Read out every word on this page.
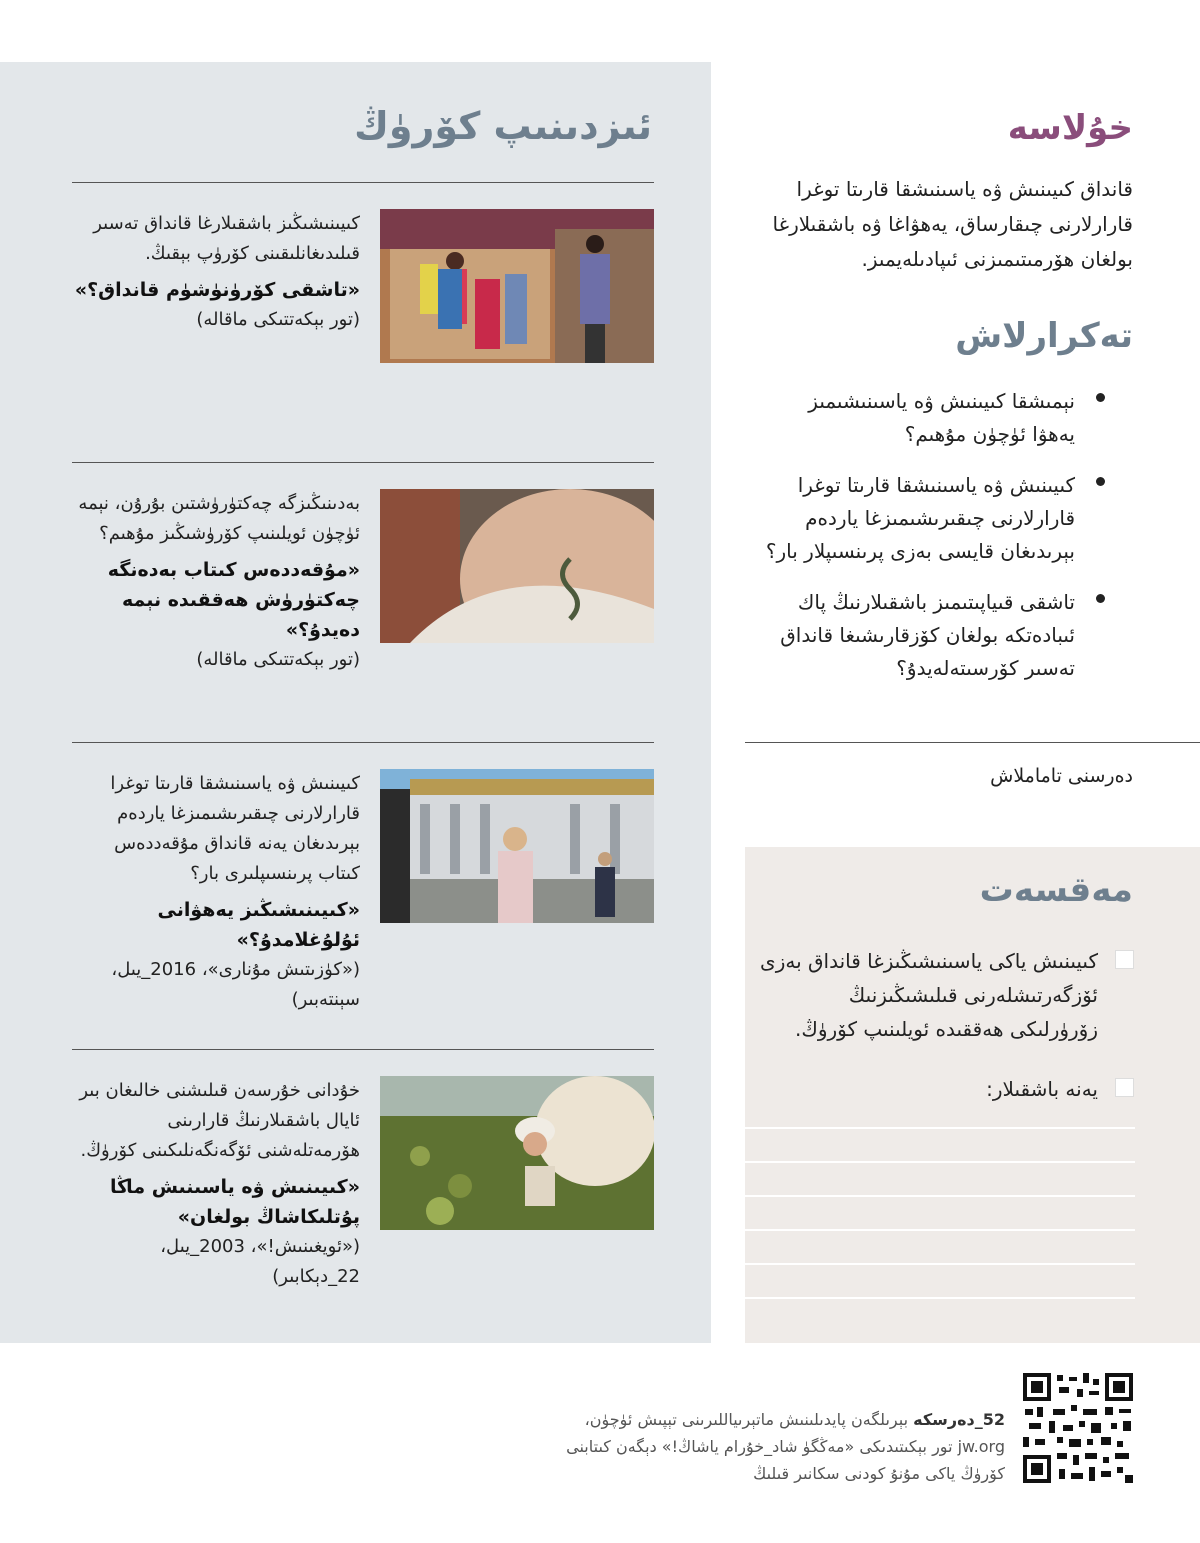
ئىزدىنىپ كۆرۈڭ

كىيىنىشىڭىز باشقىلارغا قانداق تەسىر قىلىدىغانلىقىنى كۆرۈپ بېقىڭ.

«تاشقى كۆرۈنۈشۈم قانداق؟»

(تور بېكەتتىكى ماقالە)

بەدىنىڭىزگە چەكتۈرۈشتىن بۇرۇن، نېمە ئۈچۈن ئويلىنىپ كۆرۈشىڭىز مۇھىم؟

«مۇقەددەس كىتاب بەدەنگە چەكتۈرۈش ھەققىدە نېمە دەيدۇ؟»

(تور بېكەتتىكى ماقالە)

كىيىنىش ۋە ياسىنىشقا قارىتا توغرا قارارلارنى چىقىرىشىمىزغا ياردەم بېرىدىغان يەنە قانداق مۇقەددەس كىتاب پرىنسىپلىرى بار؟

«كىيىنىشىڭىز يەھۋانى ئۇلۇغلامدۇ؟»

(«كۈزىتىش مۇنارى»، 2016_يىل، سېنتەبىر)

خۇدانى خۇرسەن قىلىشنى خالىغان بىر ئايال باشقىلارنىڭ قارارىنى ھۆرمەتلەشنى ئۆگەنگەنلىكىنى كۆرۈڭ.

«كىيىنىش ۋە ياسىنىش ماڭا پۇتلىكاشاڭ بولغان»

(«ئويغىنىش!»، 2003_يىل، 22_دېكابىر)

خۇلاسە

قانداق كىيىنىش ۋە ياسىنىشقا قارىتا توغرا قارارلارنى چىقارساق، يەھۋاغا ۋە باشقىلارغا بولغان ھۆرمىتىمىزنى ئىپادىلەيمىز.

تەكرارلاش
نېمىشقا كىيىنىش ۋە ياسىنىشىمىز يەھۋا ئۈچۈن مۇھىم؟
كىيىنىش ۋە ياسىنىشقا قارىتا توغرا قارارلارنى چىقىرىشىمىزغا ياردەم بېرىدىغان قايسى بەزى پرىنسىپلار بار؟
تاشقى قىياپىتىمىز باشقىلارنىڭ پاك ئىبادەتكە بولغان كۆزقارىشىغا قانداق تەسىر كۆرسىتەلەيدۇ؟

دەرسنى تاماملاش

مەقسەت

كىيىنىش ياكى ياسىنىشىڭىزغا قانداق بەزى ئۆزگەرتىشلەرنى قىلىشىڭىزنىڭ زۆرۈرلىكى ھەققىدە ئويلىنىپ كۆرۈڭ.

يەنە باشقىلار:

52_دەرسكە بېرىلگەن پايدىلىنىش ماتېرىياللىرىنى تېپىش ئۈچۈن، jw.org تور بېكىتىدىكى «مەڭگۈ شاد_خۇرام ياشاڭ!» دېگەن كىتابنى كۆرۈڭ ياكى مۇنۇ كودنى سكانىر قىلىڭ
